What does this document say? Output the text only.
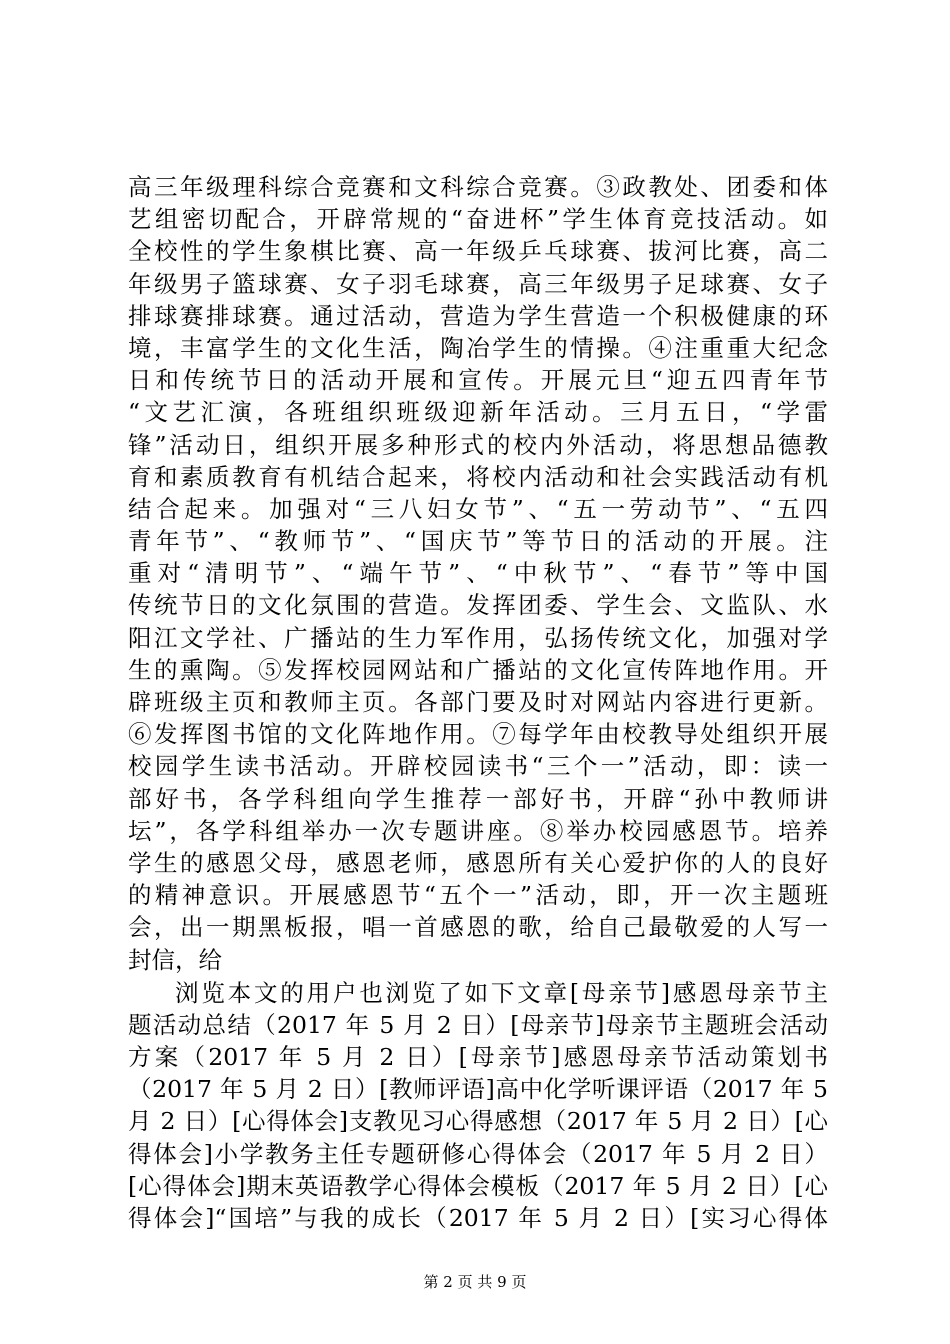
高三年级理科综合竞赛和文科综合竞赛。③政教处、团委和体
艺组密切配合，开辟常规的“奋进杯”学生体育竞技活动。如
全校性的学生象棋比赛、高一年级乒乓球赛、拔河比赛，高二
年级男子篮球赛、女子羽毛球赛，高三年级男子足球赛、女子
排球赛排球赛。通过活动，营造为学生营造一个积极健康的环
境，丰富学生的文化生活，陶冶学生的情操。④注重重大纪念
日和传统节日的活动开展和宣传。开展元旦“迎五四青年节
“文艺汇演，各班组织班级迎新年活动。三月五日，“学雷
锋”活动日，组织开展多种形式的校内外活动，将思想品德教
育和素质教育有机结合起来，将校内活动和社会实践活动有机
结合起来。加强对“三八妇女节”、“五一劳动节”、“五四
青年节”、“教师节”、“国庆节”等节日的活动的开展。注
重对“清明节”、“端午节”、“中秋节”、“春节”等中国
传统节日的文化氛围的营造。发挥团委、学生会、文监队、水
阳江文学社、广播站的生力军作用，弘扬传统文化，加强对学
生的熏陶。⑤发挥校园网站和广播站的文化宣传阵地作用。开
辟班级主页和教师主页。各部门要及时对网站内容进行更新。
⑥发挥图书馆的文化阵地作用。⑦每学年由校教导处组织开展
校园学生读书活动。开辟校园读书“三个一”活动，即：读一
部好书，各学科组向学生推荐一部好书，开辟“孙中教师讲
坛”，各学科组举办一次专题讲座。⑧举办校园感恩节。培养
学生的感恩父母，感恩老师，感恩所有关心爱护你的人的良好
的精神意识。开展感恩节“五个一”活动，即，开一次主题班
会，出一期黑板报，唱一首感恩的歌，给自己最敬爱的人写一
封信，给
浏览本文的用户也浏览了如下文章[母亲节]感恩母亲节主
题活动总结（2017 年 5 月 2 日）[母亲节]母亲节主题班会活动
方案（2017 年 5 月 2 日）[母亲节]感恩母亲节活动策划书
（2017 年 5 月 2 日）[教师评语]高中化学听课评语（2017 年 5
月 2 日）[心得体会]支教见习心得感想（2017 年 5 月 2 日）[心
得体会]小学教务主任专题研修心得体会（2017 年 5 月 2 日）
[心得体会]期末英语教学心得体会模板（2017 年 5 月 2 日）[心
得体会]“国培”与我的成长（2017 年 5 月 2 日）[实习心得体
第 2 页 共 9 页
